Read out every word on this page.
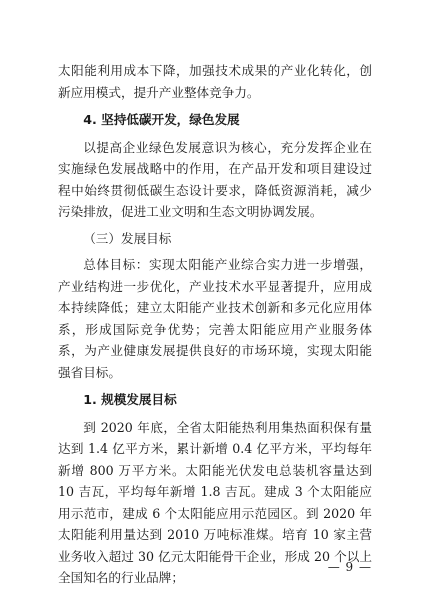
太阳能利用成本下降，加强技术成果的产业化转化，创新应用模式，提升产业整体竞争力。

4. 坚持低碳开发，绿色发展

以提高企业绿色发展意识为核心，充分发挥企业在实施绿色发展战略中的作用，在产品开发和项目建设过程中始终贯彻低碳生态设计要求，降低资源消耗，减少污染排放，促进工业文明和生态文明协调发展。

（三）发展目标

总体目标：实现太阳能产业综合实力进一步增强，产业结构进一步优化，产业技术水平显著提升，应用成本持续降低；建立太阳能产业技术创新和多元化应用体系，形成国际竞争优势；完善太阳能应用产业服务体系，为产业健康发展提供良好的市场环境，实现太阳能强省目标。

1. 规模发展目标

到 2020 年底，全省太阳能热利用集热面积保有量达到 1.4 亿平方米，累计新增 0.4 亿平方米，平均每年新增 800 万平方米。太阳能光伏发电总装机容量达到 10 吉瓦，平均每年新增 1.8 吉瓦。建成 3 个太阳能应用示范市，建成 6 个太阳能应用示范园区。到 2020 年太阳能利用量达到 2010 万吨标准煤。培育 10 家主营业务收入超过 30 亿元太阳能骨干企业，形成 20 个以上全国知名的行业品牌；

— 9 —
